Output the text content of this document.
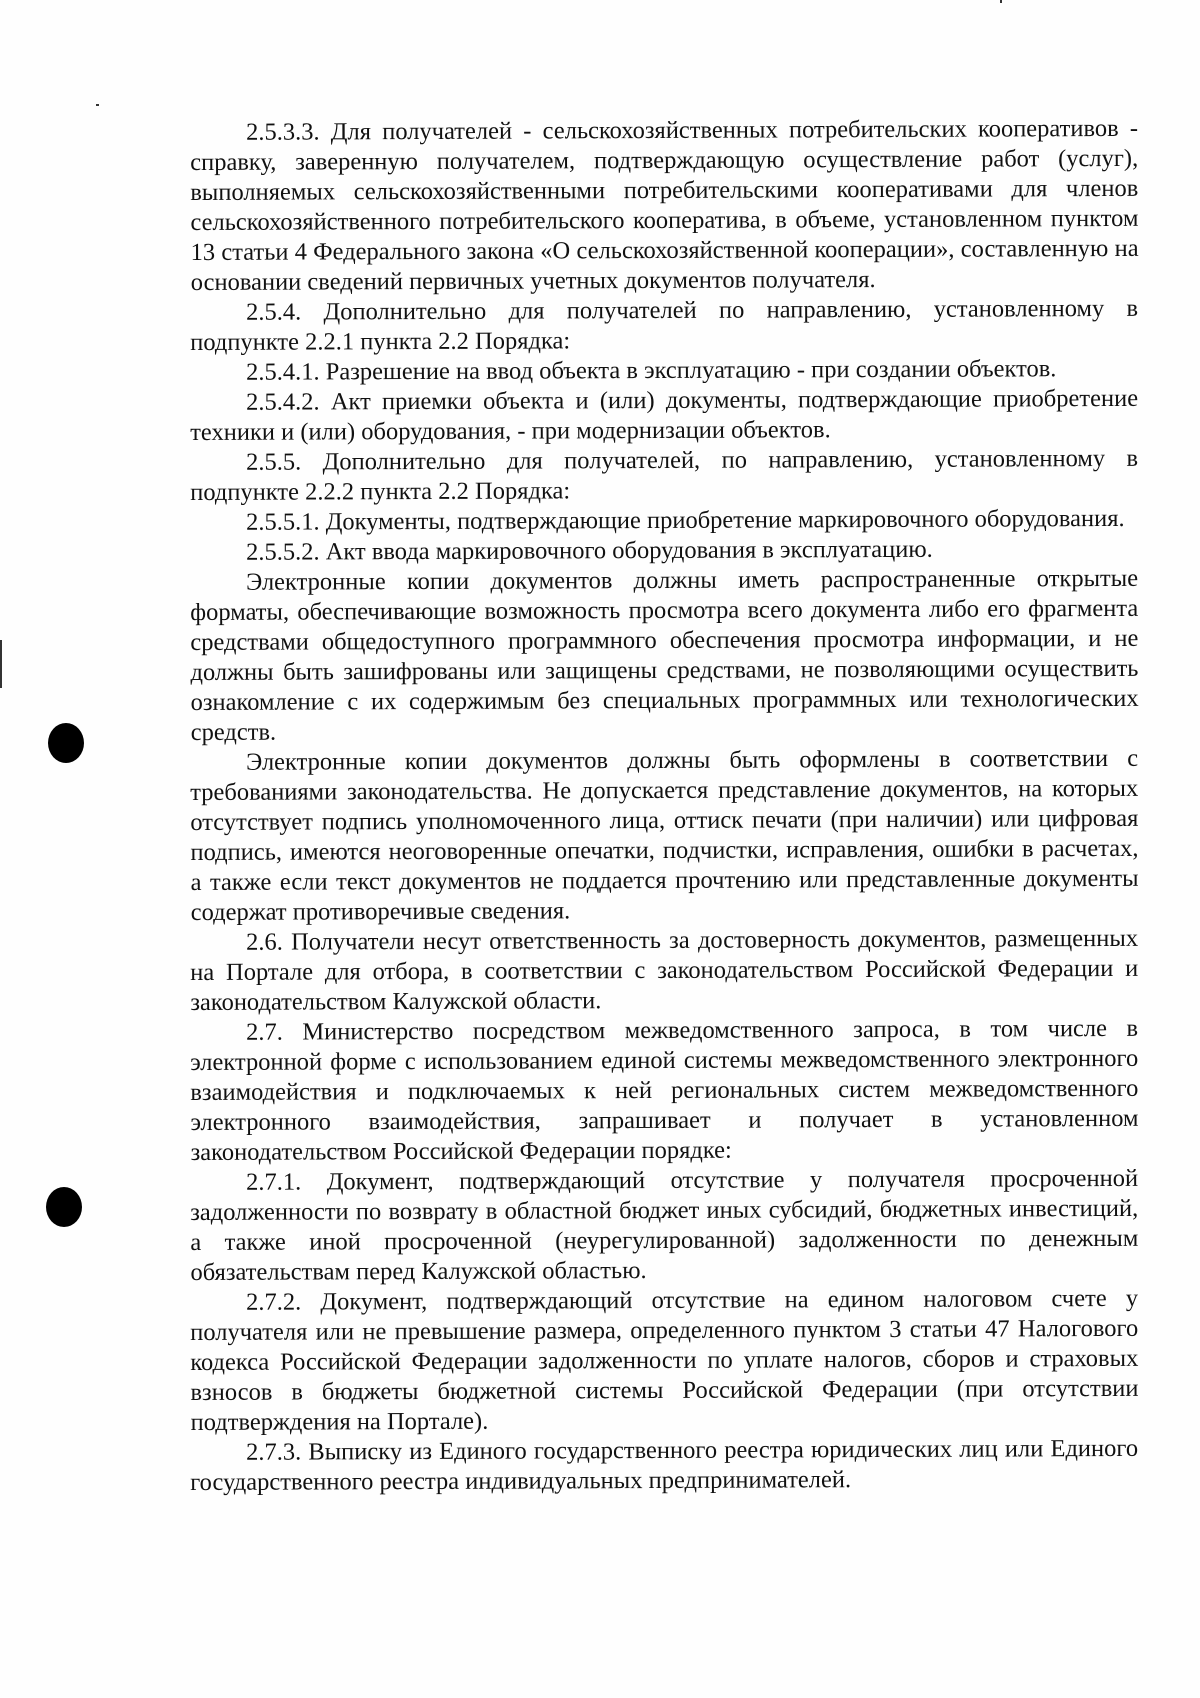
2.5.3.3. Для получателей - сельскохозяйственных потребительских кооперативов - справку, заверенную получателем, подтверждающую осуществление работ (услуг), выполняемых сельскохозяйственными потребительскими кооперативами для членов сельскохозяйственного потребительского кооператива, в объеме, установленном пунктом 13 статьи 4 Федерального закона «О сельскохозяйственной кооперации», составленную на основании сведений первичных учетных документов получателя.

2.5.4. Дополнительно для получателей по направлению, установленному в подпункте 2.2.1 пункта 2.2 Порядка:

2.5.4.1. Разрешение на ввод объекта в эксплуатацию - при создании объектов.

2.5.4.2. Акт приемки объекта и (или) документы, подтверждающие приобретение техники и (или) оборудования, - при модернизации объектов.

2.5.5. Дополнительно для получателей, по направлению, установленному в подпункте 2.2.2 пункта 2.2 Порядка:

2.5.5.1. Документы, подтверждающие приобретение маркировочного оборудования.

2.5.5.2. Акт ввода маркировочного оборудования в эксплуатацию.

Электронные копии документов должны иметь распространенные открытые форматы, обеспечивающие возможность просмотра всего документа либо его фрагмента средствами общедоступного программного обеспечения просмотра информации, и не должны быть зашифрованы или защищены средствами, не позволяющими осуществить ознакомление с их содержимым без специальных программных или технологических средств.

Электронные копии документов должны быть оформлены в соответствии с требованиями законодательства. Не допускается представление документов, на которых отсутствует подпись уполномоченного лица, оттиск печати (при наличии) или цифровая подпись, имеются неоговоренные опечатки, подчистки, исправления, ошибки в расчетах, а также если текст документов не поддается прочтению или представленные документы содержат противоречивые сведения.

2.6. Получатели несут ответственность за достоверность документов, размещенных на Портале для отбора, в соответствии с законодательством Российской Федерации и законодательством Калужской области.

2.7. Министерство посредством межведомственного запроса, в том числе в электронной форме с использованием единой системы межведомственного электронного взаимодействия и подключаемых к ней региональных систем межведомственного электронного взаимодействия, запрашивает и получает в установленном законодательством Российской Федерации порядке:

2.7.1. Документ, подтверждающий отсутствие у получателя просроченной задолженности по возврату в областной бюджет иных субсидий, бюджетных инвестиций, а также иной просроченной (неурегулированной) задолженности по денежным обязательствам перед Калужской областью.

2.7.2. Документ, подтверждающий отсутствие на едином налоговом счете у получателя или не превышение размера, определенного пунктом 3 статьи 47 Налогового кодекса Российской Федерации задолженности по уплате налогов, сборов и страховых взносов в бюджеты бюджетной системы Российской Федерации (при отсутствии подтверждения на Портале).

2.7.3. Выписку из Единого государственного реестра юридических лиц или Единого государственного реестра индивидуальных предпринимателей.
